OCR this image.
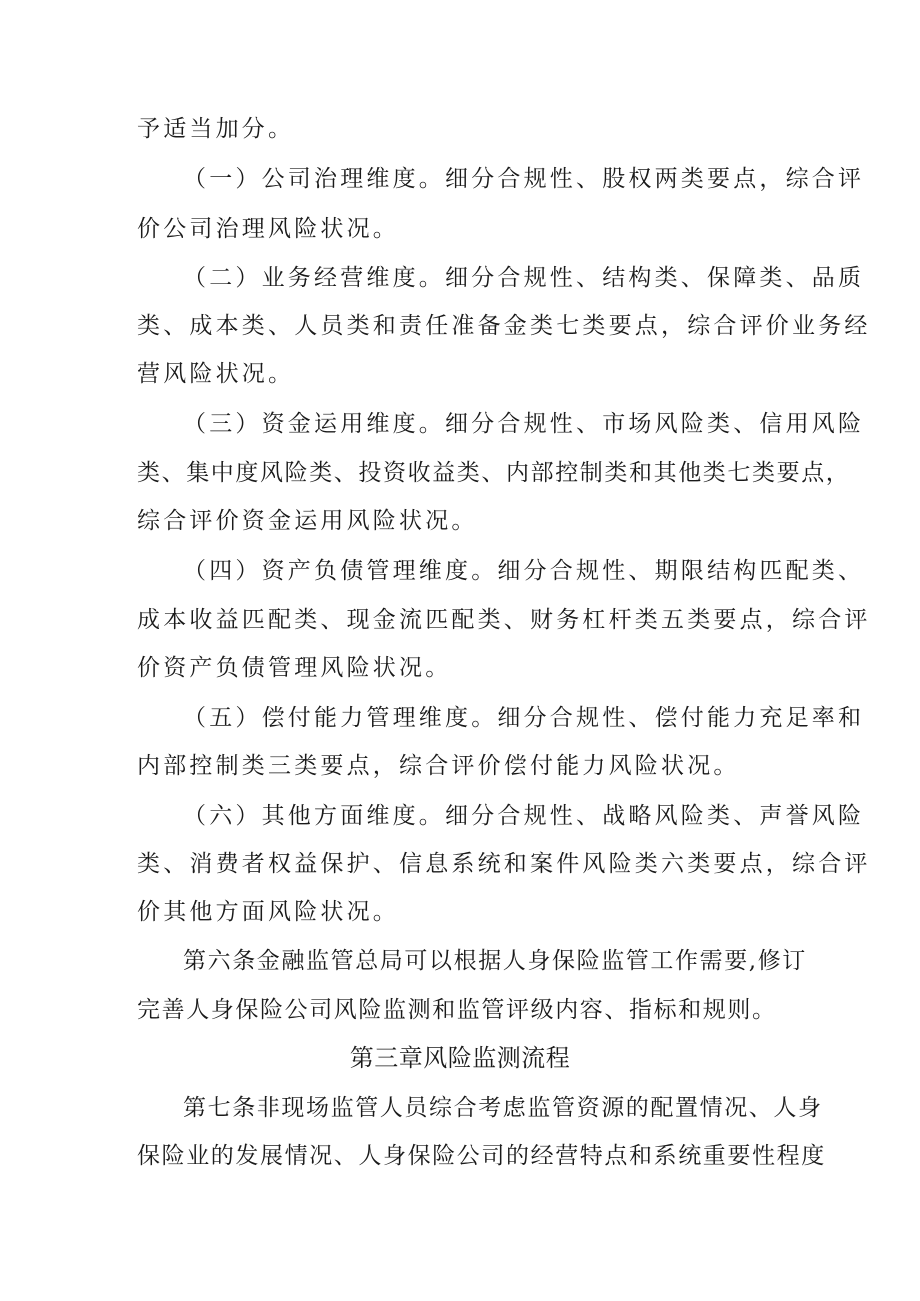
予适当加分。
（一）公司治理维度。细分合规性、股权两类要点，综合评
价公司治理风险状况。
（二）业务经营维度。细分合规性、结构类、保障类、品质
类、成本类、人员类和责任准备金类七类要点，综合评价业务经
营风险状况。
（三）资金运用维度。细分合规性、市场风险类、信用风险
类、集中度风险类、投资收益类、内部控制类和其他类七类要点，
综合评价资金运用风险状况。
（四）资产负债管理维度。细分合规性、期限结构匹配类、
成本收益匹配类、现金流匹配类、财务杠杆类五类要点，综合评
价资产负债管理风险状况。
（五）偿付能力管理维度。细分合规性、偿付能力充足率和
内部控制类三类要点，综合评价偿付能力风险状况。
（六）其他方面维度。细分合规性、战略风险类、声誉风险
类、消费者权益保护、信息系统和案件风险类六类要点，综合评
价其他方面风险状况。
第六条金融监管总局可以根据人身保险监管工作需要,修订
完善人身保险公司风险监测和监管评级内容、指标和规则。
第三章风险监测流程
第七条非现场监管人员综合考虑监管资源的配置情况、人身
保险业的发展情况、人身保险公司的经营特点和系统重要性程度
